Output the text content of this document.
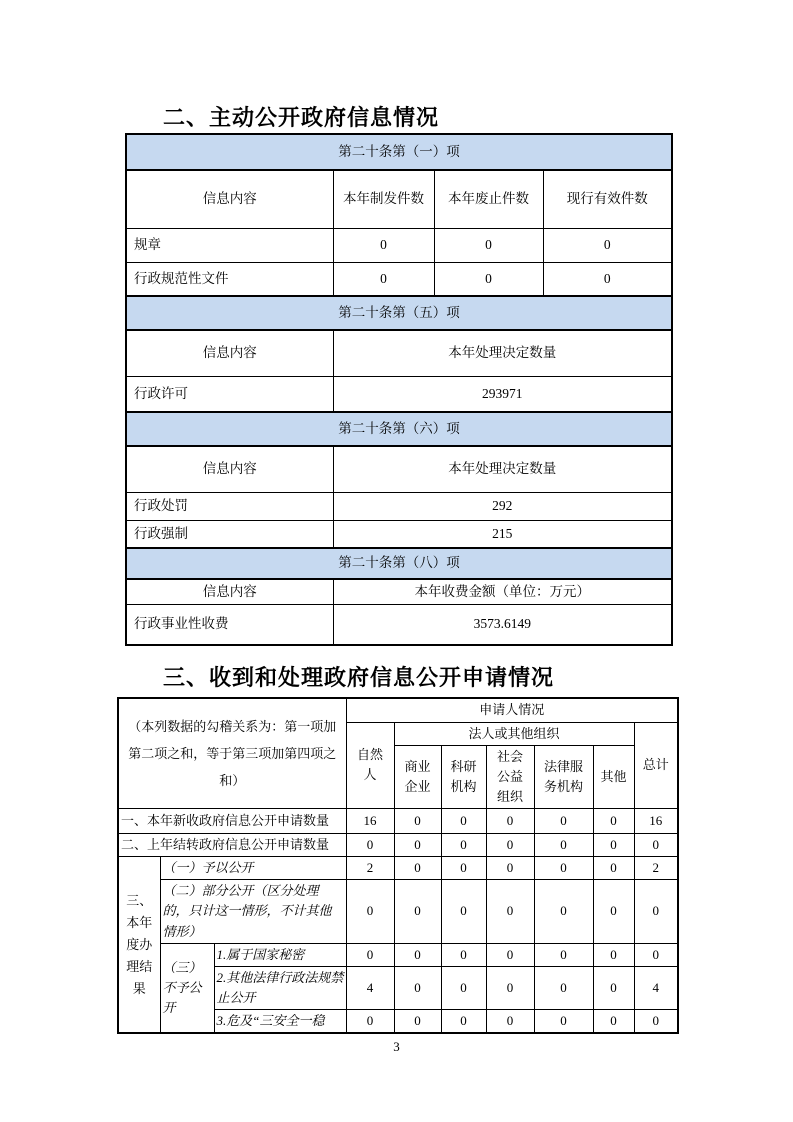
二、主动公开政府信息情况
第二十条第（一）项			
信息内容	本年制发件数	本年废止件数	现行有效件数
规章	0	0	0
行政规范性文件	0	0	0
第二十条第（五）项			
信息内容	本年处理决定数量		
行政许可	293971		
第二十条第（六）项			
信息内容	本年处理决定数量		
行政处罚	292		
行政强制	215		
第二十条第（八）项			
信息内容	本年收费金额（单位：万元）		
行政事业性收费	3573.6149		
三、收到和处理政府信息公开申请情况
（本列数据的勾稽关系为：第一项加第二项之和，等于第三项加第四项之和）			申请人情况						
			自然人	法人或其他组织					总计
				商业企业	科研机构	社会公益组织	法律服务机构	其他	
一、本年新收政府信息公开申请数量			16	0	0	0	0	0	16
二、上年结转政府信息公开申请数量			0	0	0	0	0	0	0
三、本年度办理结果	（一）予以公开		2	0	0	0	0	0	2
	（二）部分公开（区分处理的，只计这一情形，不计其他情形）		0	0	0	0	0	0	0
	（三）不予公开	1.属于国家秘密	0	0	0	0	0	0	0
		2.其他法律行政法规禁止公开	4	0	0	0	0	0	4
		3.危及“三安全一稳	0	0	0	0	0	0	0
3
